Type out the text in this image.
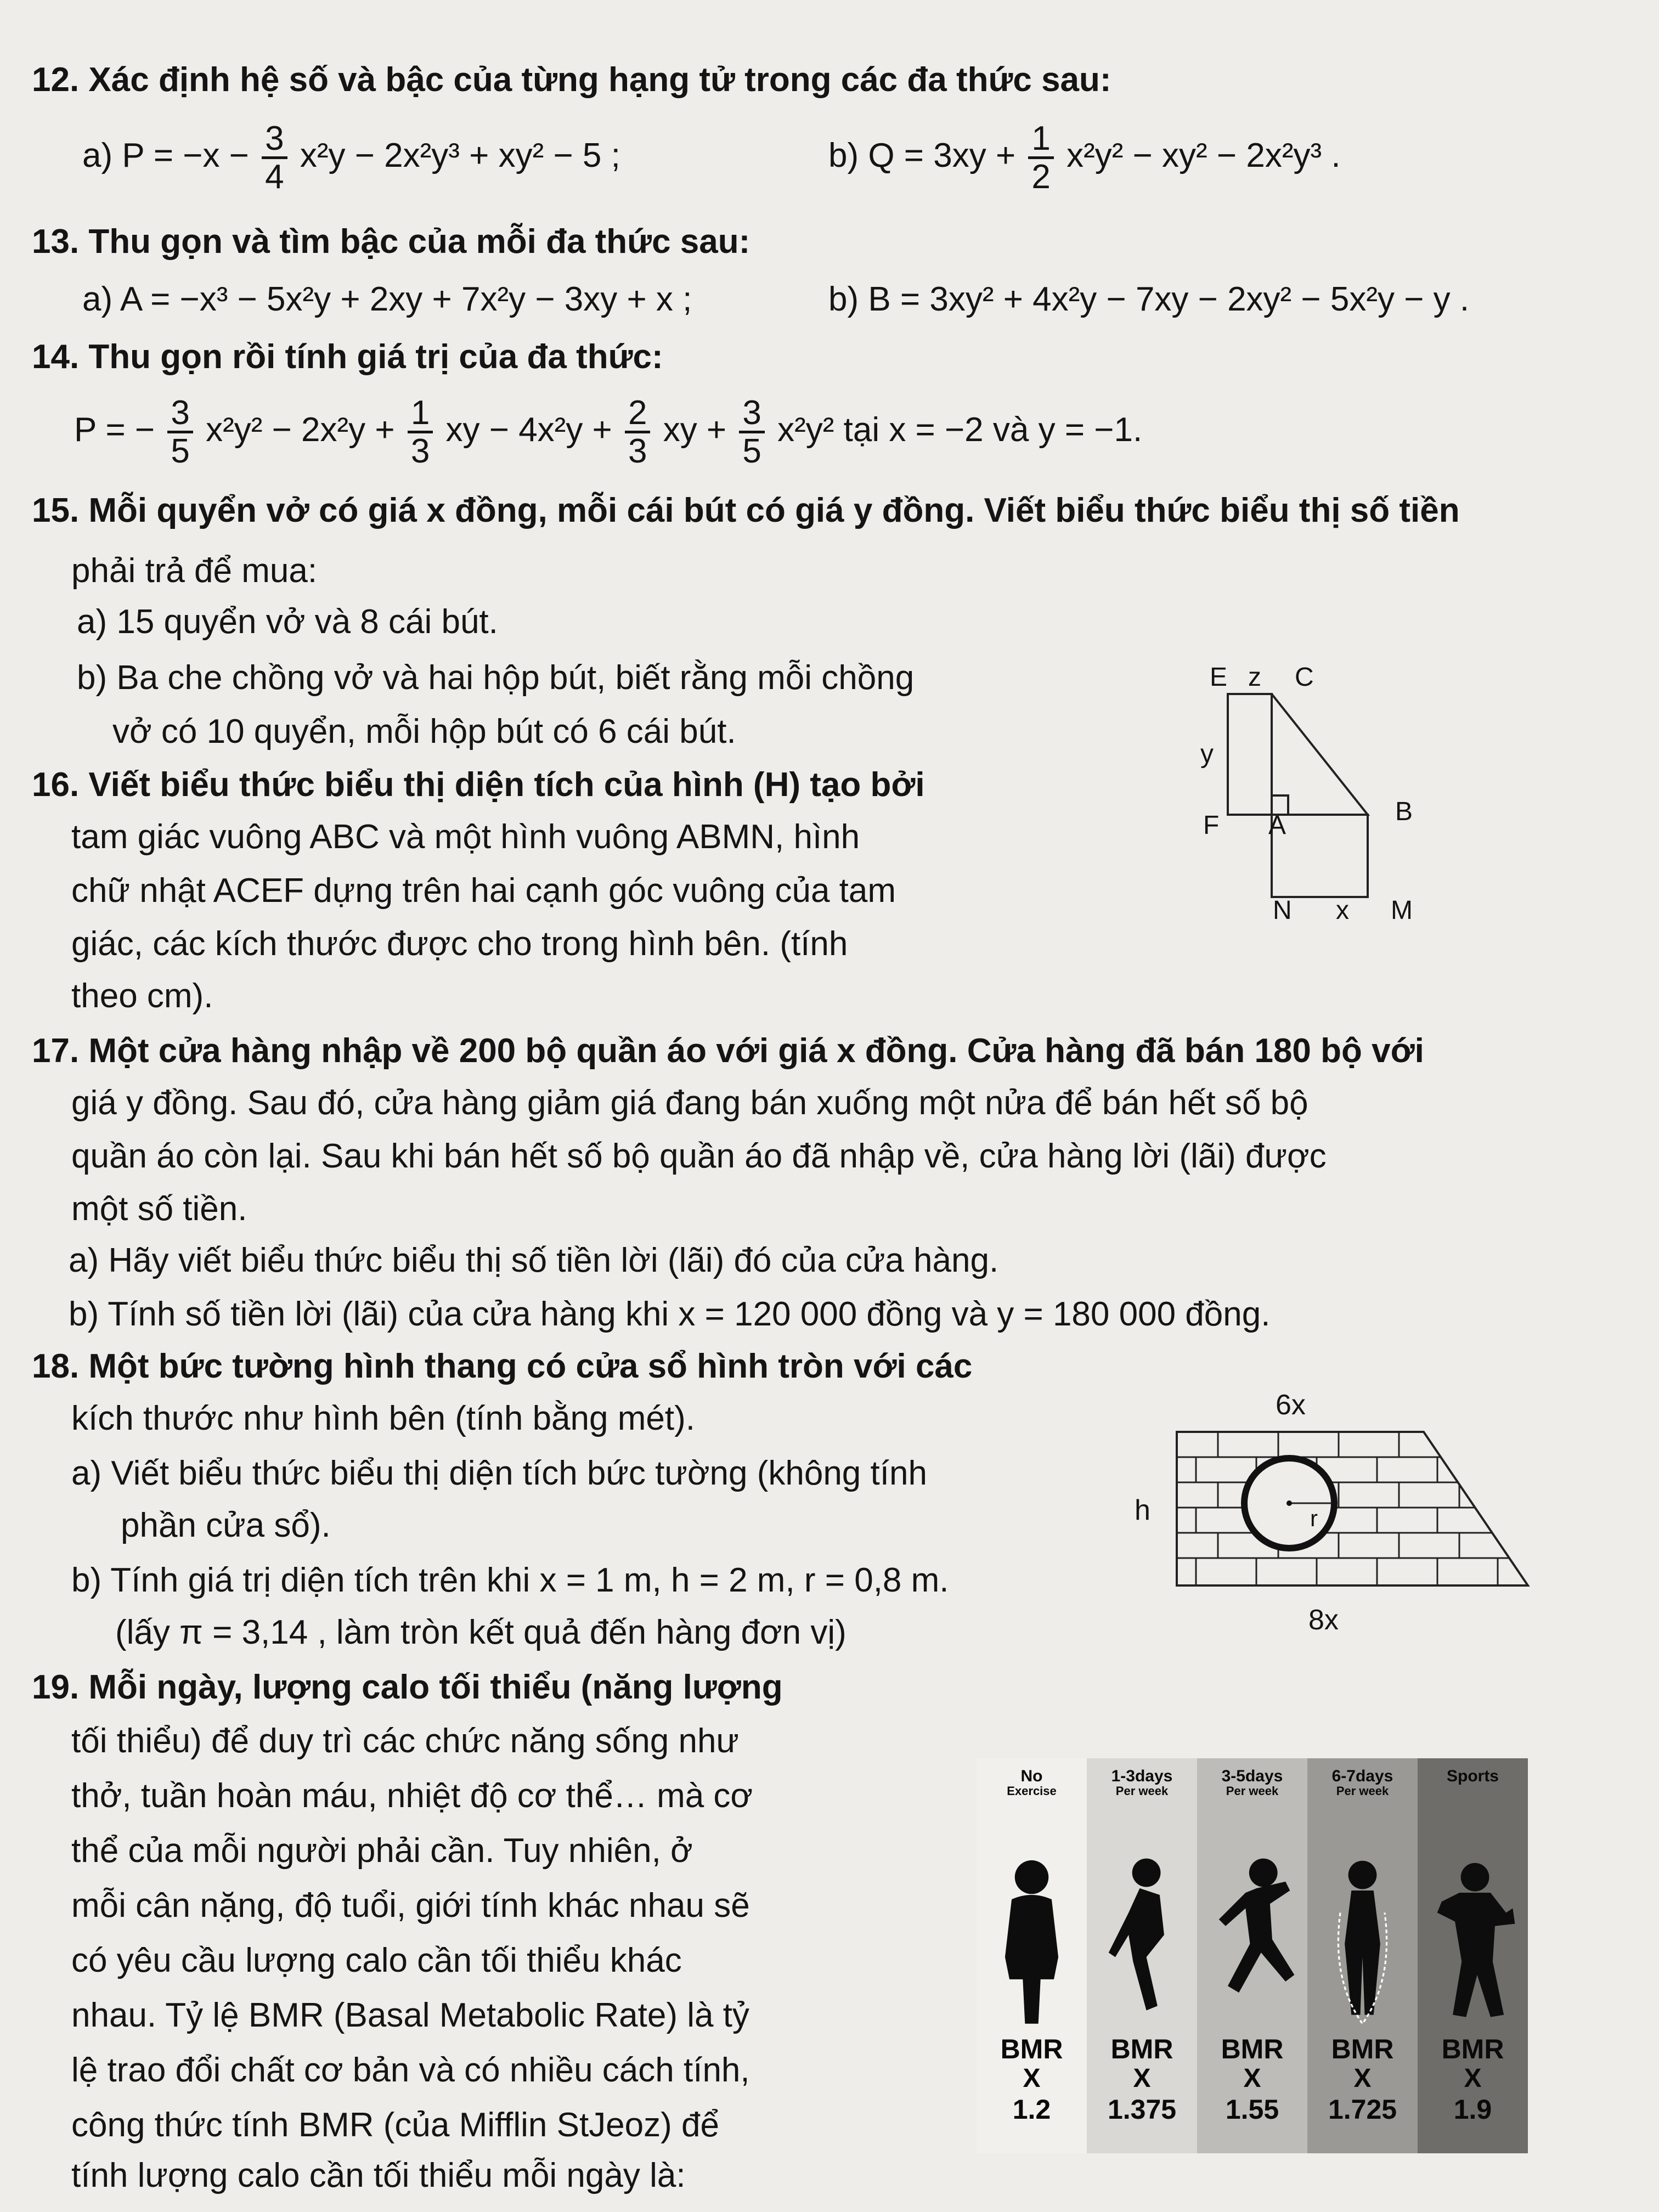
12. Xác định hệ số và bậc của từng hạng tử trong các đa thức sau:
a) $P = -x - \frac{3}{4} x^2y - 2x^2y^3 + xy^2 - 5$ ;	b) $Q = 3xy + \frac{1}{2} x^2y^2 - xy^2 - 2x^2y^3$ .
13. Thu gọn và tìm bậc của mỗi đa thức sau:
a) A = −x³ − 5x²y + 2xy + 7x²y − 3xy + x ;	b) B = 3xy² + 4x²y − 7xy − 2xy² − 5x²y − y .
14. Thu gọn rồi tính giá trị của đa thức:
P = − $\frac{3}{5} x^2y^2 - 2x^2y + \frac{1}{3}$ xy − $4x^2y + \frac{2}{3}$ xy + $\frac{3}{5} x^2y^2$ tại x = −2 và y = −1.
15. Mỗi quyển vở có giá x đồng, mỗi cái bút có giá y đồng. Viết biểu thức biểu thị số tiền
phải trả để mua:
a) 15 quyển vở và 8 cái bút.
b) Ba che chồng vở và hai hộp bút, biết rằng mỗi chồng
vở có 10 quyển, mỗi hộp bút có 6 cái bút.
16. Viết biểu thức biểu thị diện tích của hình (H) tạo bởi
tam giác vuông ABC và một hình vuông ABMN, hình
chữ nhật ACEF dựng trên hai cạnh góc vuông của tam
giác, các kích thước được cho trong hình bên. (tính
theo cm).
E z C
y
F A	B
N x M
17. Một cửa hàng nhập về 200 bộ quần áo với giá x đồng. Cửa hàng đã bán 180 bộ với
giá y đồng. Sau đó, cửa hàng giảm giá đang bán xuống một nửa để bán hết số bộ
quần áo còn lại. Sau khi bán hết số bộ quần áo đã nhập về, cửa hàng lời (lãi) được
một số tiền.
a) Hãy viết biểu thức biểu thị số tiền lời (lãi) đó của cửa hàng.
b) Tính số tiền lời (lãi) của cửa hàng khi x = 120 000 đồng và y = 180 000 đồng.
18. Một bức tường hình thang có cửa sổ hình tròn với các
kích thước như hình bên (tính bằng mét).
a) Viết biểu thức biểu thị diện tích bức tường (không tính
phần cửa sổ).
b) Tính giá trị diện tích trên khi x = 1 m, h = 2 m, r = 0,8 m.
(lấy π = 3,14 , làm tròn kết quả đến hàng đơn vị)
6x
8x
h	r
19. Mỗi ngày, lượng calo tối thiểu (năng lượng
tối thiểu) để duy trì các chức năng sống như
thở, tuần hoàn máu, nhiệt độ cơ thể… mà cơ
thể của mỗi người phải cần. Tuy nhiên, ở
mỗi cân nặng, độ tuổi, giới tính khác nhau sẽ
có yêu cầu lượng calo cần tối thiểu khác
nhau. Tỷ lệ BMR (Basal Metabolic Rate) là tỷ
lệ trao đổi chất cơ bản và có nhiều cách tính,
công thức tính BMR (của Mifflin StJeoz) để
tính lượng calo cần tối thiểu mỗi ngày là:
No
Exercise
BMR
X
1.2
1-3days
Per week
BMR
X
1.375
3-5days
Per week
BMR
X
1.55
6-7days
Per week
BMR
X
1.725
Sports
BMR
X
1.9
